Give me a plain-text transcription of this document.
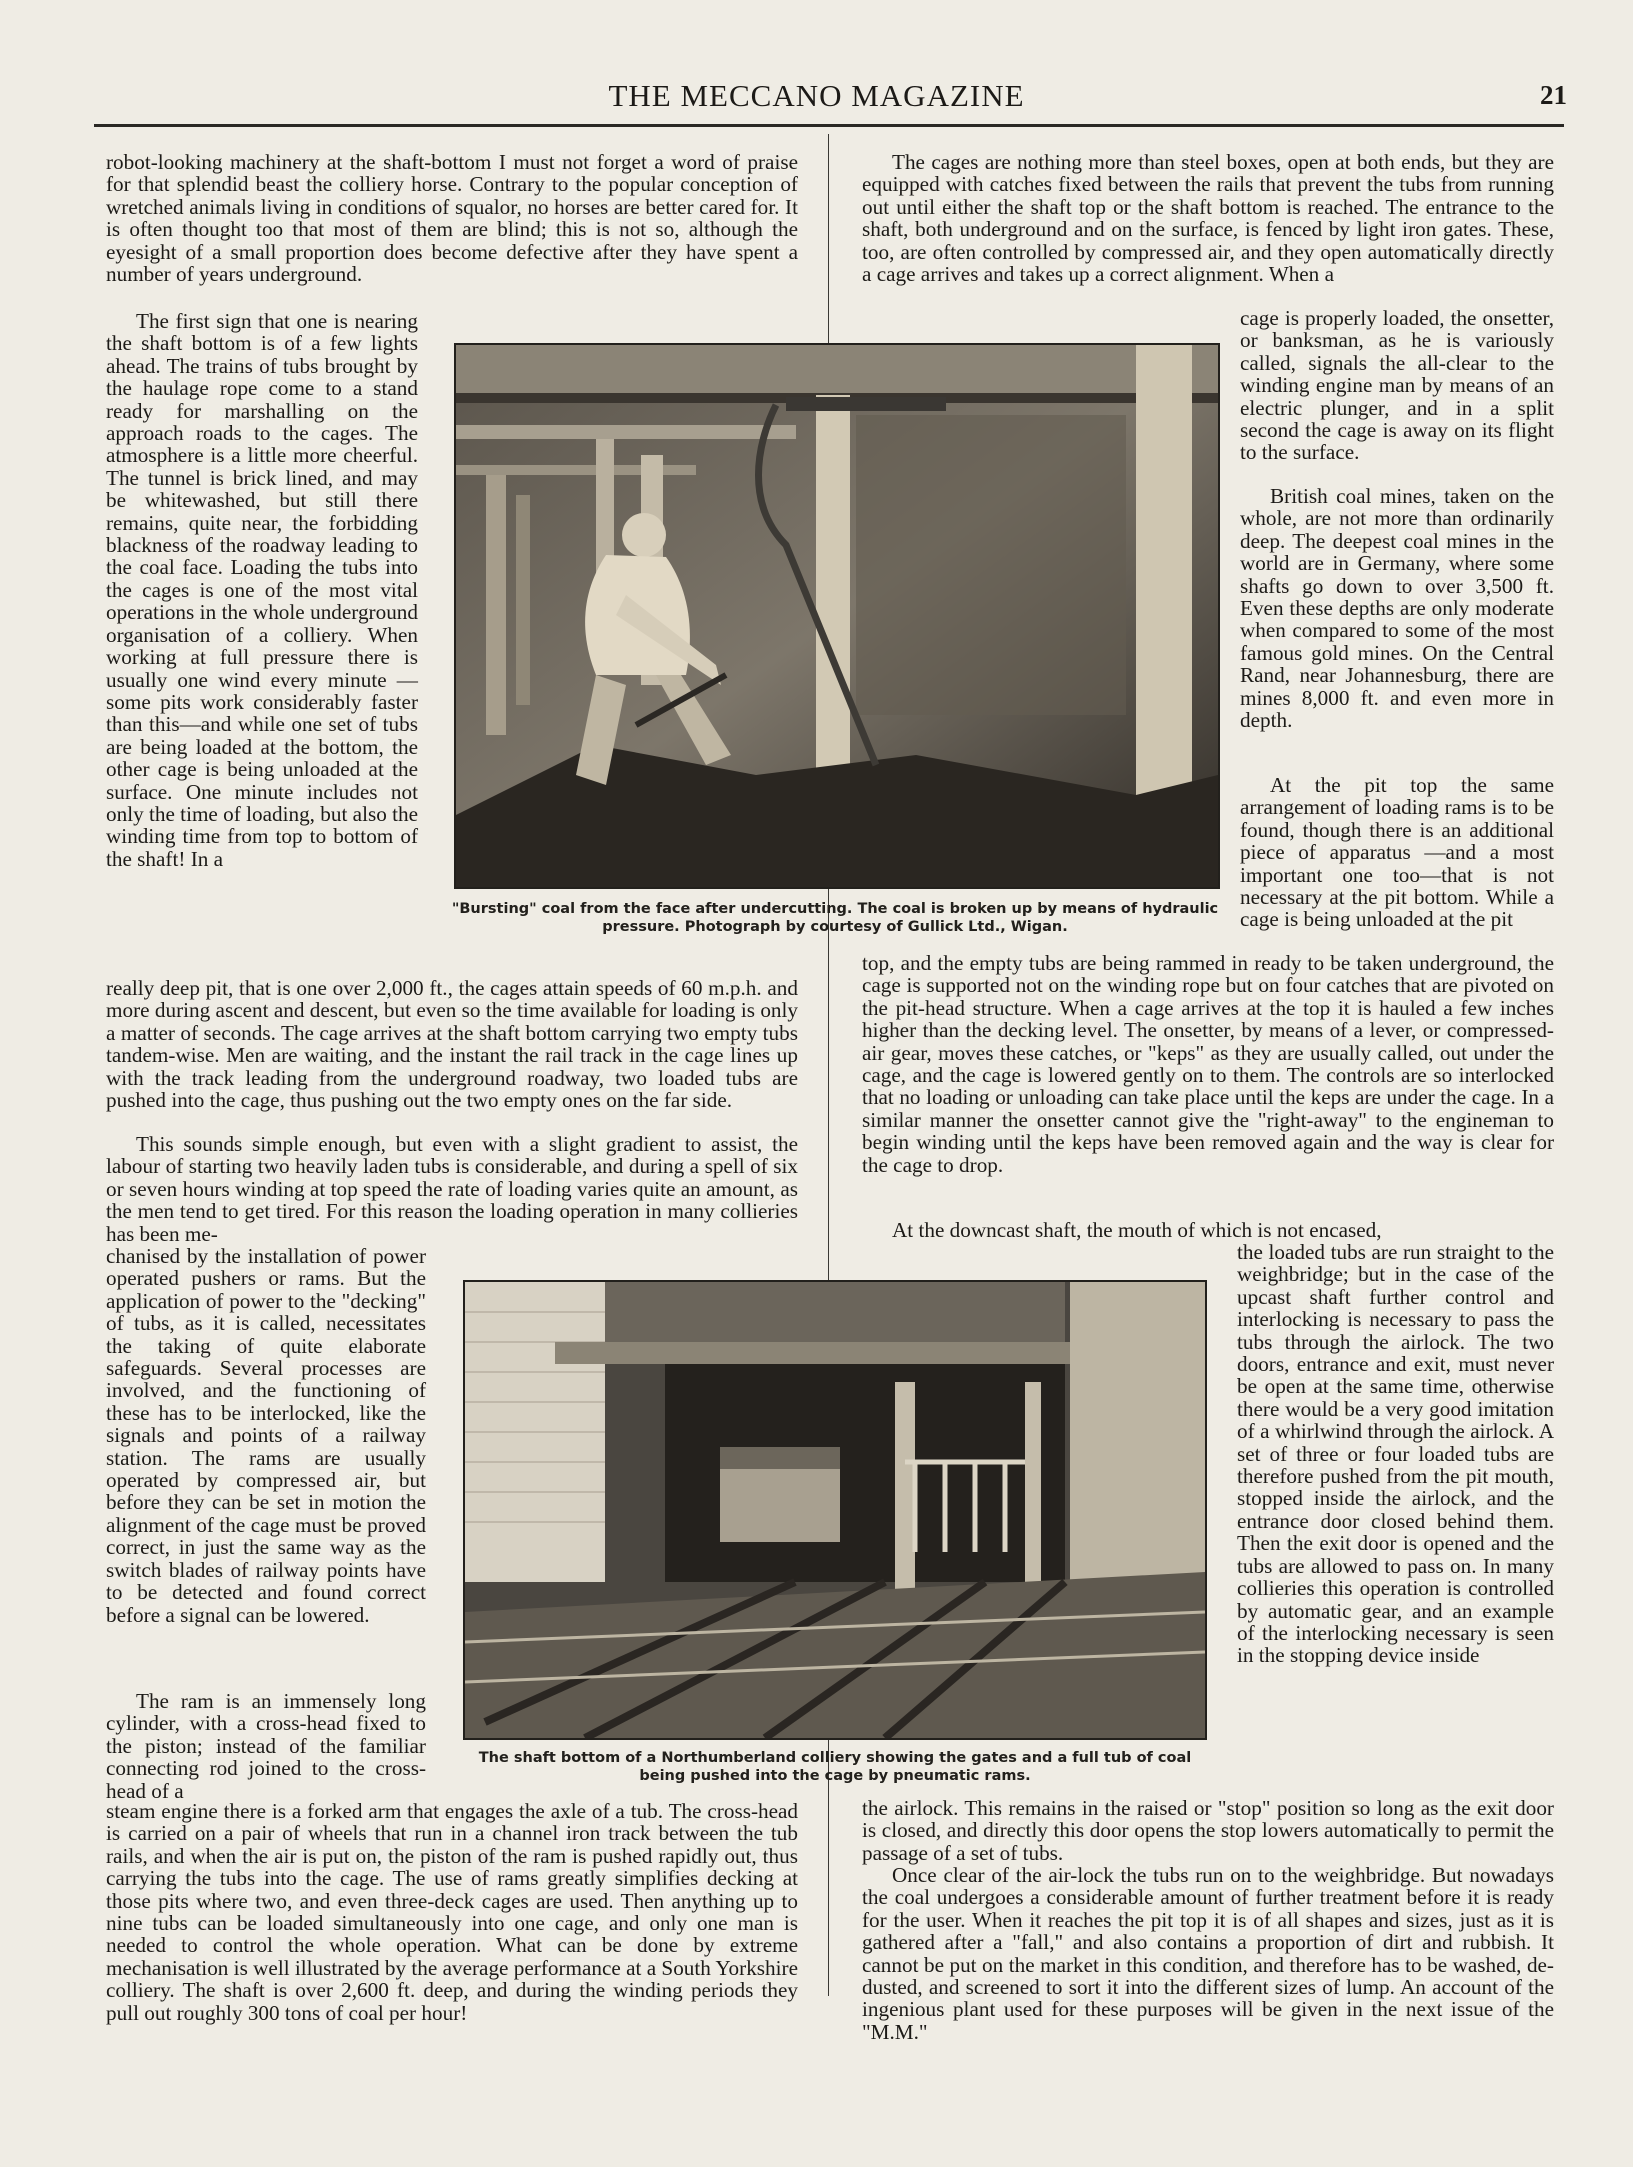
THE MECCANO MAGAZINE	21

robot-looking machinery at the shaft-bottom I must not forget a word of praise for that splendid beast the colliery horse. Contrary to the popular conception of wretched animals living in conditions of squalor, no horses are better cared for. It is often thought too that most of them are blind; this is not so, although the eyesight of a small proportion does become defective after they have spent a number of years underground.

The first sign that one is nearing the shaft bottom is of a few lights ahead. The trains of tubs brought by the haulage rope come to a stand ready for marshalling on the approach roads to the cages. The atmosphere is a little more cheerful. The tunnel is brick lined, and may be whitewashed, but still there remains, quite near, the forbidding blackness of the roadway leading to the coal face. Loading the tubs into the cages is one of the most vital operations in the whole underground organisation of a colliery. When working at full pressure there is usually one wind every minute —some pits work considerably faster than this—and while one set of tubs are being loaded at the bottom, the other cage is being unloaded at the surface. One minute includes not only the time of loading, but also the winding time from top to bottom of the shaft! In a

really deep pit, that is one over 2,000 ft., the cages attain speeds of 60 m.p.h. and more during ascent and descent, but even so the time available for loading is only a matter of seconds. The cage arrives at the shaft bottom carrying two empty tubs tandem-wise. Men are waiting, and the instant the rail track in the cage lines up with the track leading from the underground roadway, two loaded tubs are pushed into the cage, thus pushing out the two empty ones on the far side.

This sounds simple enough, but even with a slight gradient to assist, the labour of starting two heavily laden tubs is considerable, and during a spell of six or seven hours winding at top speed the rate of loading varies quite an amount, as the men tend to get tired. For this reason the loading operation in many collieries has been me-

chanised by the installation of power operated pushers or rams. But the application of power to the "decking" of tubs, as it is called, necessitates the taking of quite elaborate safeguards. Several processes are involved, and the functioning of these has to be interlocked, like the signals and points of a railway station. The rams are usually operated by compressed air, but before they can be set in motion the alignment of the cage must be proved correct, in just the same way as the switch blades of railway points have to be detected and found correct before a signal can be lowered.

The ram is an immensely long cylinder, with a cross-head fixed to the piston; instead of the familiar connecting rod joined to the cross-head of a

steam engine there is a forked arm that engages the axle of a tub. The cross-head is carried on a pair of wheels that run in a channel iron track between the tub rails, and when the air is put on, the piston of the ram is pushed rapidly out, thus carrying the tubs into the cage. The use of rams greatly simplifies decking at those pits where two, and even three-deck cages are used. Then anything up to nine tubs can be loaded simultaneously into one cage, and only one man is needed to control the whole operation. What can be done by extreme mechanisation is well illustrated by the average performance at a South Yorkshire colliery. The shaft is over 2,600 ft. deep, and during the winding periods they pull out roughly 300 tons of coal per hour!

The cages are nothing more than steel boxes, open at both ends, but they are equipped with catches fixed between the rails that prevent the tubs from running out until either the shaft top or the shaft bottom is reached. The entrance to the shaft, both underground and on the surface, is fenced by light iron gates. These, too, are often controlled by compressed air, and they open automatically directly a cage arrives and takes up a correct alignment. When a

cage is properly loaded, the onsetter, or banksman, as he is variously called, signals the all-clear to the winding engine man by means of an electric plunger, and in a split second the cage is away on its flight to the surface.

British coal mines, taken on the whole, are not more than ordinarily deep. The deepest coal mines in the world are in Germany, where some shafts go down to over 3,500 ft. Even these depths are only moderate when compared to some of the most famous gold mines. On the Central Rand, near Johannesburg, there are mines 8,000 ft. and even more in depth.

At the pit top the same arrangement of loading rams is to be found, though there is an additional piece of apparatus —and a most important one too—that is not necessary at the pit bottom. While a cage is being unloaded at the pit

top, and the empty tubs are being rammed in ready to be taken underground, the cage is supported not on the winding rope but on four catches that are pivoted on the pit-head structure. When a cage arrives at the top it is hauled a few inches higher than the decking level. The onsetter, by means of a lever, or compressed-air gear, moves these catches, or "keps" as they are usually called, out under the cage, and the cage is lowered gently on to them. The controls are so interlocked that no loading or unloading can take place until the keps are under the cage. In a similar manner the onsetter cannot give the "right-away" to the engineman to begin winding until the keps have been removed again and the way is clear for the cage to drop.

At the downcast shaft, the mouth of which is not encased,

the loaded tubs are run straight to the weighbridge; but in the case of the upcast shaft further control and interlocking is necessary to pass the tubs through the airlock. The two doors, entrance and exit, must never be open at the same time, otherwise there would be a very good imitation of a whirlwind through the airlock. A set of three or four loaded tubs are therefore pushed from the pit mouth, stopped inside the airlock, and the entrance door closed behind them. Then the exit door is opened and the tubs are allowed to pass on. In many collieries this operation is controlled by automatic gear, and an example of the interlocking necessary is seen in the stopping device inside

the airlock. This remains in the raised or "stop" position so long as the exit door is closed, and directly this door opens the stop lowers automatically to permit the passage of a set of tubs.

Once clear of the air-lock the tubs run on to the weighbridge. But nowadays the coal undergoes a considerable amount of further treatment before it is ready for the user. When it reaches the pit top it is of all shapes and sizes, just as it is gathered after a "fall," and also contains a proportion of dirt and rubbish. It cannot be put on the market in this condition, and therefore has to be washed, de-dusted, and screened to sort it into the different sizes of lump. An account of the ingenious plant used for these purposes will be given in the next issue of the "M.M."

"Bursting" coal from the face after undercutting. The coal is broken up by means of hydraulic
pressure. Photograph by courtesy of Gullick Ltd., Wigan.
The shaft bottom of a Northumberland colliery showing the gates and a full tub of coal
being pushed into the cage by pneumatic rams.
